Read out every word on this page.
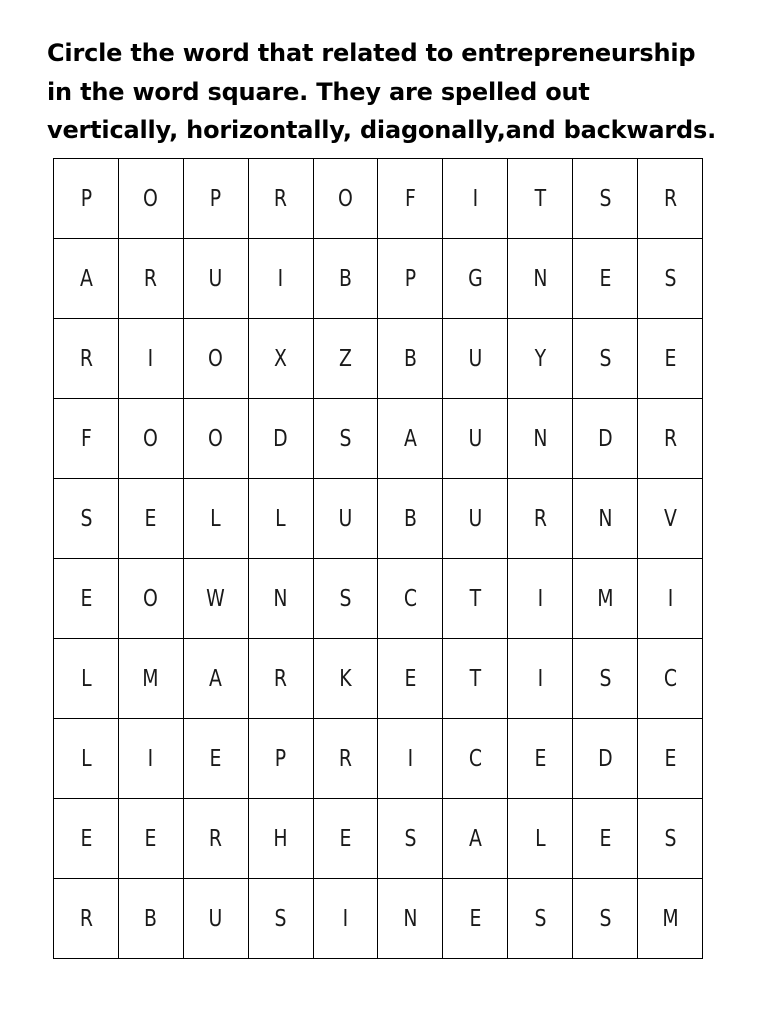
Circle the word that related to entrepreneurship
in the word square. They are spelled out
vertically, horizontally, diagonally,and backwards.

P	O	P	R	O	F	I	T	S	R
A	R	U	I	B	P	G	N	E	S
R	I	O	X	Z	B	U	Y	S	E
F	O	O	D	S	A	U	N	D	R
S	E	L	L	U	B	U	R	N	V
E	O	W	N	S	C	T	I	M	I
L	M	A	R	K	E	T	I	S	C
L	I	E	P	R	I	C	E	D	E
E	E	R	H	E	S	A	L	E	S
R	B	U	S	I	N	E	S	S	M
